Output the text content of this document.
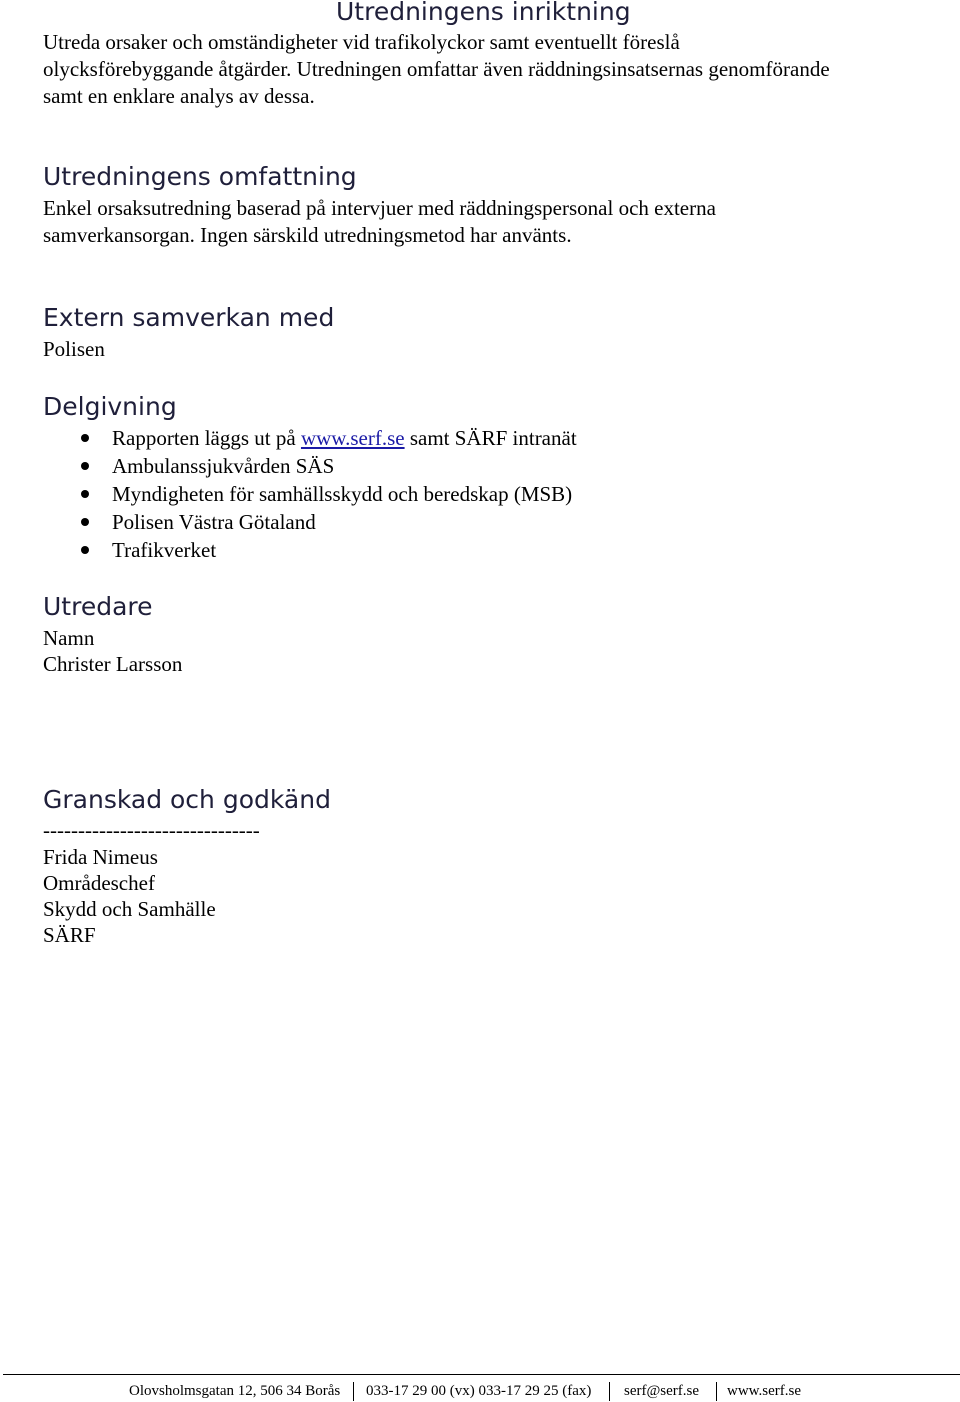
Utredningens inriktning

Utreda orsaker och omständigheter vid trafikolyckor samt eventuellt föreslå

olycksförebyggande åtgärder. Utredningen omfattar även räddningsinsatsernas genomförande

samt en enklare analys av dessa.

Utredningens omfattning

Enkel orsaksutredning baserad på intervjuer med räddningspersonal och externa

samverkansorgan. Ingen särskild utredningsmetod har använts.

Extern samverkan med

Polisen

Delgivning
Rapporten läggs ut på www.serf.se samt SÄRF intranät
Ambulanssjukvården SÄS
Myndigheten för samhällsskydd och beredskap (MSB)
Polisen Västra Götaland
Trafikverket
Utredare

Namn

Christer Larsson

Granskad och godkänd

-------------------------------

Frida Nimeus

Områdeschef

Skydd och Samhälle

SÄRF

Olovsholmsgatan 12, 506 34 Borås 033-17 29 00 (vx) 033-17 29 25 (fax) serf@serf.se www.serf.se
